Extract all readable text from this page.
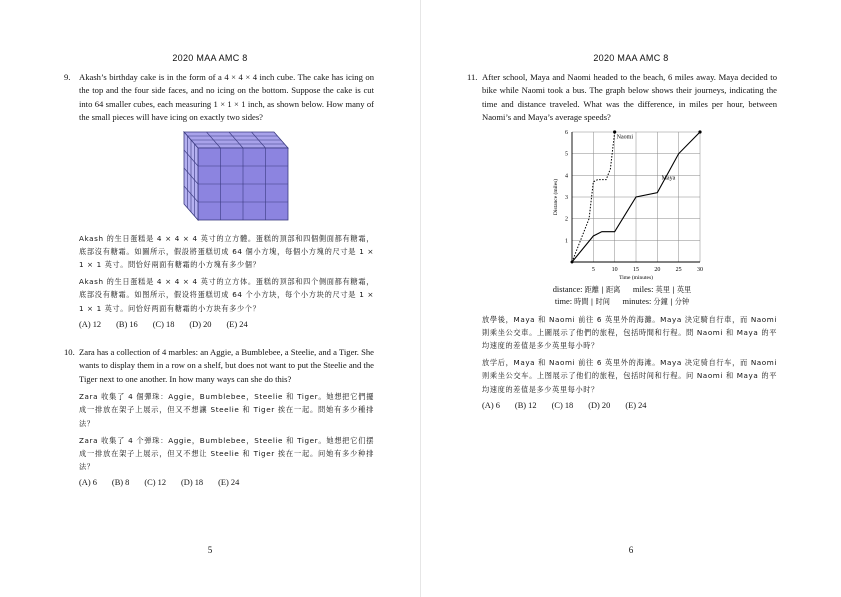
2020 MAA AMC 8

9. Akash’s birthday cake is in the form of a 4 × 4 × 4 inch cube. The cake has icing on the top and the four side faces, and no icing on the bottom. Suppose the cake is cut into 64 smaller cubes, each measuring 1 × 1 × 1 inch, as shown below. How many of the small pieces will have icing on exactly two sides?

Akash 的生日蛋糕是 4 × 4 × 4 英寸的立方體。蛋糕的頂部和四個側面都有糖霜，底部沒有糖霜。如圖所示，假設將蛋糕切成 64 個小方塊，每個小方塊的尺寸是 1 × 1 × 1 英寸。問恰好兩面有糖霜的小方塊有多少個？

Akash 的生日蛋糕是 4 × 4 × 4 英寸的立方体。蛋糕的顶部和四个侧面都有糖霜，底部没有糖霜。如图所示，假设将蛋糕切成 64 个小方块，每个小方块的尺寸是 1 × 1 × 1 英寸。问恰好两面有糖霜的小方块有多少个？

(A) 12 (B) 16 (C) 18 (D) 20 (E) 24

10. Zara has a collection of 4 marbles: an Aggie, a Bumblebee, a Steelie, and a Tiger. She wants to display them in a row on a shelf, but does not want to put the Steelie and the Tiger next to one another. In how many ways can she do this?

Zara 收集了 4 個彈珠：Aggie，Bumblebee，Steelie 和 Tiger。她想把它們擺成一排放在架子上展示，但又不想讓 Steelie 和 Tiger 挨在一起。問她有多少種排法？

Zara 收集了 4 个弹珠：Aggie，Bumblebee，Steelie 和 Tiger。她想把它们摆成一排放在架子上展示，但又不想让 Steelie 和 Tiger 挨在一起。问她有多少种排法？

(A) 6 (B) 8 (C) 12 (D) 18 (E) 24
5
2020 MAA AMC 8

11. After school, Maya and Naomi headed to the beach, 6 miles away. Maya decided to bike while Naomi took a bus. The graph below shows their journeys, indicating the time and distance traveled. What was the difference, in miles per hour, between Naomi’s and Maya’s average speeds?

5	10	15	20	25	30
1
2
3
4
5
6
Time (minutes)
Distance (miles)
Naomi
Maya
distance: 距離 | 距离 miles: 英里 | 英里
time: 時間 | 时间 minutes: 分鐘 | 分钟

放學後，Maya 和 Naomi 前往 6 英里外的海灘。Maya 決定騎自行車，而 Naomi 則乘坐公交車。上圖展示了他們的旅程，包括時間和行程。問 Naomi 和 Maya 的平均速度的差值是多少英里每小時？

放学后，Maya 和 Naomi 前往 6 英里外的海滩。Maya 决定骑自行车，而 Naomi 则乘坐公交车。上图展示了他们的旅程，包括时间和行程。问 Naomi 和 Maya 的平均速度的差值是多少英里每小时？

(A) 6 (B) 12 (C) 18 (D) 20 (E) 24
6
